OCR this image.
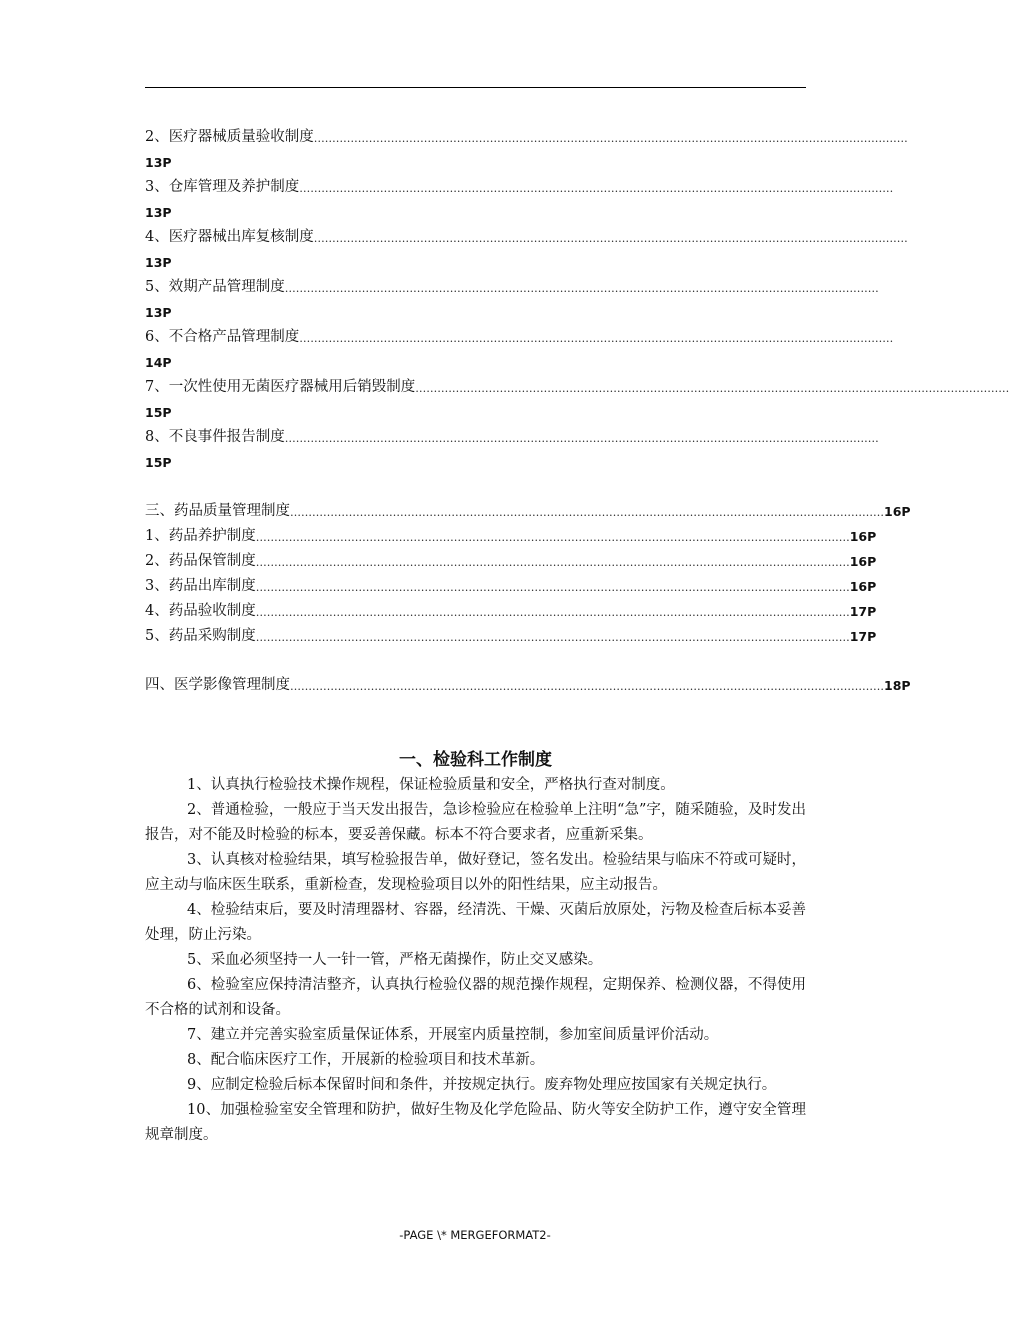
2、医疗器械质量验收制度 ………………………………………………………………………………………………………………………………………………
13P
3、仓库管理及养护制度 ………………………………………………………………………………………………………………………………………………
13P
4、医疗器械出库复核制度 ………………………………………………………………………………………………………………………………………………
13P
5、效期产品管理制度 ………………………………………………………………………………………………………………………………………………
13P
6、不合格产品管理制度 ………………………………………………………………………………………………………………………………………………
14P
7、一次性使用无菌医疗器械用后销毁制度 ………………………………………………………………………………………………………………………………………………
15P
8、不良事件报告制度 ………………………………………………………………………………………………………………………………………………
15P
三、药品质量管理制度 ……………………………………………………………………………………………………………………………………………… 16P
1、药品养护制度 ……………………………………………………………………………………………………………………………………………… 16P
2、药品保管制度 ……………………………………………………………………………………………………………………………………………… 16P
3、药品出库制度 ……………………………………………………………………………………………………………………………………………… 16P
4、药品验收制度 ……………………………………………………………………………………………………………………………………………… 17P
5、药品采购制度 ……………………………………………………………………………………………………………………………………………… 17P
四、医学影像管理制度 ……………………………………………………………………………………………………………………………………………… 18P
一、检验科工作制度

1、认真执行检验技术操作规程，保证检验质量和安全，严格执行查对制度。

2、普通检验，一般应于当天发出报告，急诊检验应在检验单上注明“急”字，随采随验，及时发出报告，对不能及时检验的标本，要妥善保藏。标本不符合要求者，应重新采集。

3、认真核对检验结果，填写检验报告单，做好登记，签名发出。检验结果与临床不符或可疑时，应主动与临床医生联系，重新检查，发现检验项目以外的阳性结果，应主动报告。

4、检验结束后，要及时清理器材、容器，经清洗、干燥、灭菌后放原处，污物及检查后标本妥善处理，防止污染。

5、采血必须坚持一人一针一管，严格无菌操作，防止交叉感染。

6、检验室应保持清洁整齐，认真执行检验仪器的规范操作规程，定期保养、检测仪器，不得使用不合格的试剂和设备。

7、建立并完善实验室质量保证体系，开展室内质量控制，参加室间质量评价活动。

8、配合临床医疗工作，开展新的检验项目和技术革新。

9、应制定检验后标本保留时间和条件，并按规定执行。废弃物处理应按国家有关规定执行。

10、加强检验室安全管理和防护，做好生物及化学危险品、防火等安全防护工作，遵守安全管理规章制度。

-PAGE \* MERGEFORMAT2-
